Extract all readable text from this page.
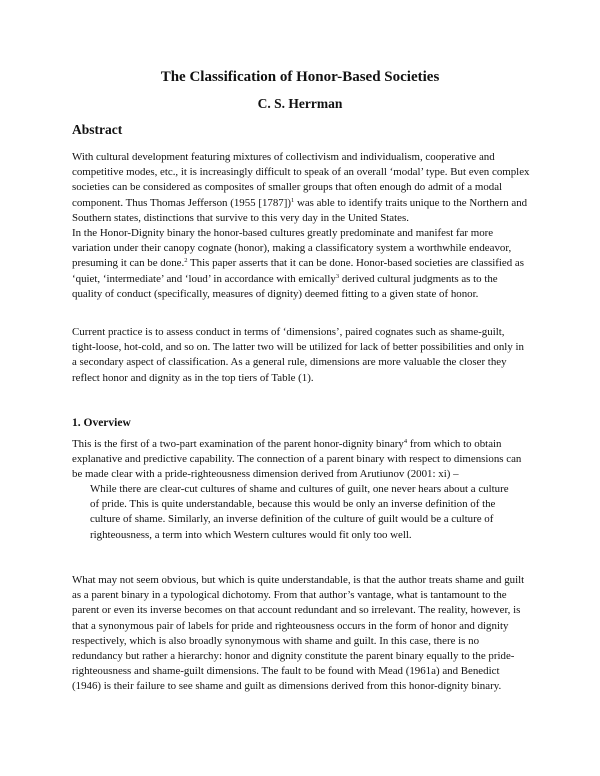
The Classification of Honor-Based Societies
C. S. Herrman
Abstract
With cultural development featuring mixtures of collectivism and individualism, cooperative and competitive modes, etc., it is increasingly difficult to speak of an overall ‘modal’ type. But even complex societies can be considered as composites of smaller groups that often enough do admit of a modal component. Thus Thomas Jefferson (1955 [1787])$^1$ was able to identify traits unique to the Northern and Southern states, distinctions that survive to this very day in the United States.
In the Honor-Dignity binary the honor-based cultures greatly predominate and manifest far more variation under their canopy cognate (honor), making a classificatory system a worthwhile endeavor, presuming it can be done.$^2$ This paper asserts that it can be done. Honor-based societies are classified as ‘quiet, ‘intermediate’ and ‘loud’ in accordance with emically$^3$ derived cultural judgments as to the quality of conduct (specifically, measures of dignity) deemed fitting to a given state of honor.
Current practice is to assess conduct in terms of ‘dimensions’, paired cognates such as shame-guilt, tight-loose, hot-cold, and so on. The latter two will be utilized for lack of better possibilities and only in a secondary aspect of classification. As a general rule, dimensions are more valuable the closer they reflect honor and dignity as in the top tiers of Table (1).
1. Overview
This is the first of a two-part examination of the parent honor-dignity binary$^4$ from which to obtain explanative and predictive capability. The connection of a parent binary with respect to dimensions can be made clear with a pride-righteousness dimension derived from Arutiunov (2001: xi) –
While there are clear-cut cultures of shame and cultures of guilt, one never hears about a culture of pride. This is quite understandable, because this would be only an inverse definition of the culture of shame. Similarly, an inverse definition of the culture of guilt would be a culture of righteousness, a term into which Western cultures would fit only too well.
What may not seem obvious, but which is quite understandable, is that the author treats shame and guilt as a parent binary in a typological dichotomy. From that author’s vantage, what is tantamount to the parent or even its inverse becomes on that account redundant and so irrelevant. The reality, however, is that a synonymous pair of labels for pride and righteousness occurs in the form of honor and dignity respectively, which is also broadly synonymous with shame and guilt. In this case, there is no redundancy but rather a hierarchy: honor and dignity constitute the parent binary equally to the pride-righteousness and shame-guilt dimensions. The fault to be found with Mead (1961a) and Benedict (1946) is their failure to see shame and guilt as dimensions derived from this honor-dignity binary.
